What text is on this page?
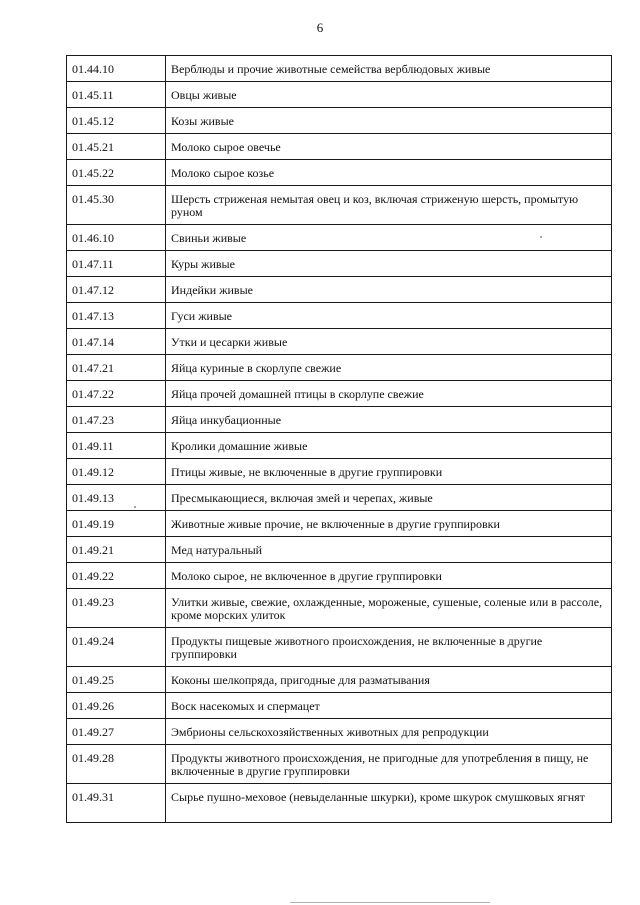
6
01.44.10	Верблюды и прочие животные семейства верблюдовых живые
01.45.11	Овцы живые
01.45.12	Козы живые
01.45.21	Молоко сырое овечье
01.45.22	Молоко сырое козье
01.45.30	Шерсть стриженая немытая овец и коз, включая стриженую шерсть, промытую руном
01.46.10	Свиньи живые
01.47.11	Куры живые
01.47.12	Индейки живые
01.47.13	Гуси живые
01.47.14	Утки и цесарки живые
01.47.21	Яйца куриные в скорлупе свежие
01.47.22	Яйца прочей домашней птицы в скорлупе свежие
01.47.23	Яйца инкубационные
01.49.11	Кролики домашние живые
01.49.12	Птицы живые, не включенные в другие группировки
01.49.13	Пресмыкающиеся, включая змей и черепах, живые
01.49.19	Животные живые прочие, не включенные в другие группировки
01.49.21	Мед натуральный
01.49.22	Молоко сырое, не включенное в другие группировки
01.49.23	Улитки живые, свежие, охлажденные, мороженые, сушеные, соленые или в рассоле, кроме морских улиток
01.49.24	Продукты пищевые животного происхождения, не включенные в другие группировки
01.49.25	Коконы шелкопряда, пригодные для разматывания
01.49.26	Воск насекомых и спермацет
01.49.27	Эмбрионы сельскохозяйственных животных для репродукции
01.49.28	Продукты животного происхождения, не пригодные для употребления в пищу, не включенные в другие группировки
01.49.31	Сырье пушно-меховое (невыделанные шкурки), кроме шкурок смушковых ягнят
